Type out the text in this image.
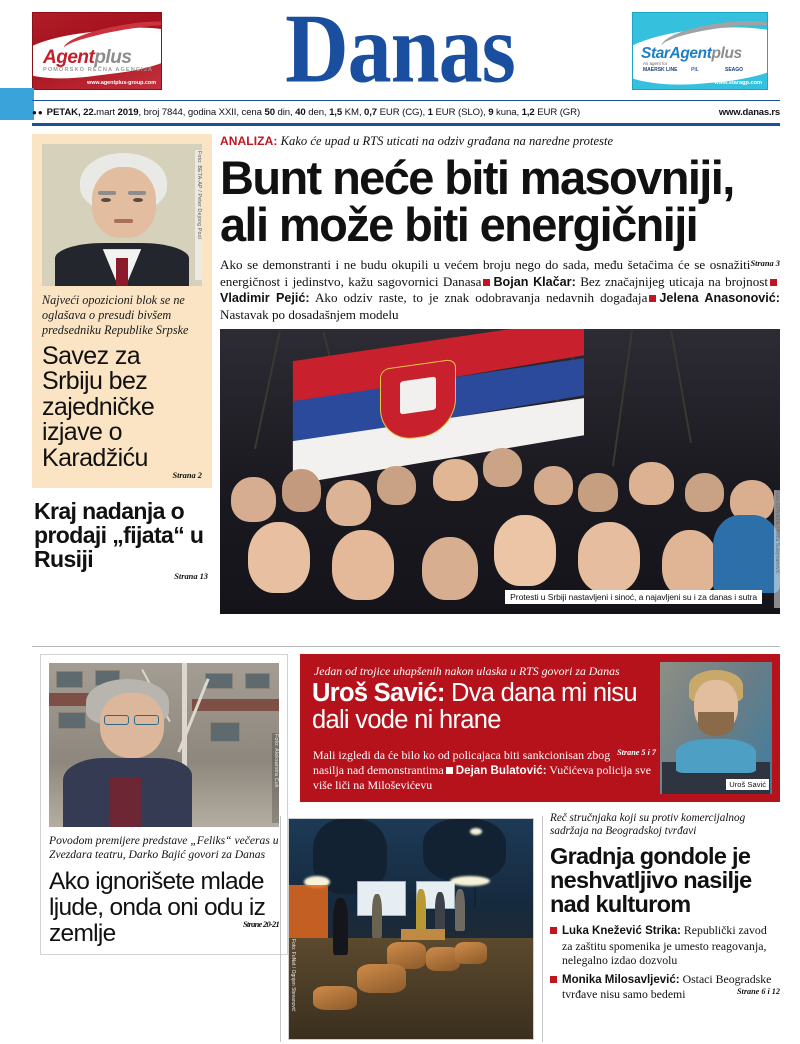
Agentplus
POMORSKO REČNA AGENCIJA
www.agentplus-group.com Danas	StarAgentplus
As agent for
MAERSK LINE	PIL	SEAGO
www.staragp.com
●● PETAK, 22.mart 2019, broj 7844, godina XXII, cena 50 din, 40 den, 1,5 KM, 0,7 EUR (CG), 1 EUR (SLO), 9 kuna, 1,2 EUR (GR)	www.danas.rs
Foto: BETA-AP / Peter Dejong Pool
Najveći opozicioni blok se ne oglašava o presudi bivšem predsedniku Republike Srpske
Savez za Srbiju bez zajedničke izjave o Karadžiću
Strana 2
Kraj nadanja o prodaji „fijata“ u Rusiji
Strana 13
ANALIZA: Kako će upad u RTS uticati na odziv građana na naredne proteste
Bunt neće biti masovniji,
ali može biti energičniji
Strana 3
Ako se demonstranti i ne budu okupili u većem broju nego do sada, među šetačima će se osnažiti energičnost i jedinstvo, kažu sagovornici Danasa Bojan Klačar: Bez značajnijeg uticaja na brojnostVladimir Pejić: Ako odziv raste, to je znak odobravanja nedavnih događaja Jelena Anasonović: Nastavak po dosadašnjem modelu
Protesti u Srbiji nastavljeni i sinoć, a najavljeni su i za danas i sutra
Foto: EPA-EFE / Koča Sulejmanović
Foto: Aleksandra Ćuk
Povodom premijere predstave „Feliks“ večeras u Zvezdara teatru, Darko Bajić govori za Danas
Ako ignorišete mlade ljude, onda oni odu iz zemlje	Strane 20-21
Jedan od trojice uhapšenih nakon ulaska u RTS govori za Danas
Uroš Savić: Dva dana mi nisu dali vode ni hrane
Strane 5 i 7
Mali izgledi da će bilo ko od policajaca biti sankcionisan zbog nasilja nad demonstrantima Dejan Bulatović: Vučićeva policija sve više liči na Miloševićevu	Uroš Savić
Foto: FoNet / Ognjen Stevanović
Reč stručnjaka koji su protiv komercijalnog sadržaja na Beogradskoj tvrđavi
Gradnja gondole je neshvatljivo nasilje nad kulturom
Luka Knežević Strika: Republički zavod za zaštitu spomenika je umesto reagovanja, nelegalno izdao dozvolu
Monika Milosavljević: Ostaci Beogradske tvrđave nisu samo bedemi	Strane 6 i 12
